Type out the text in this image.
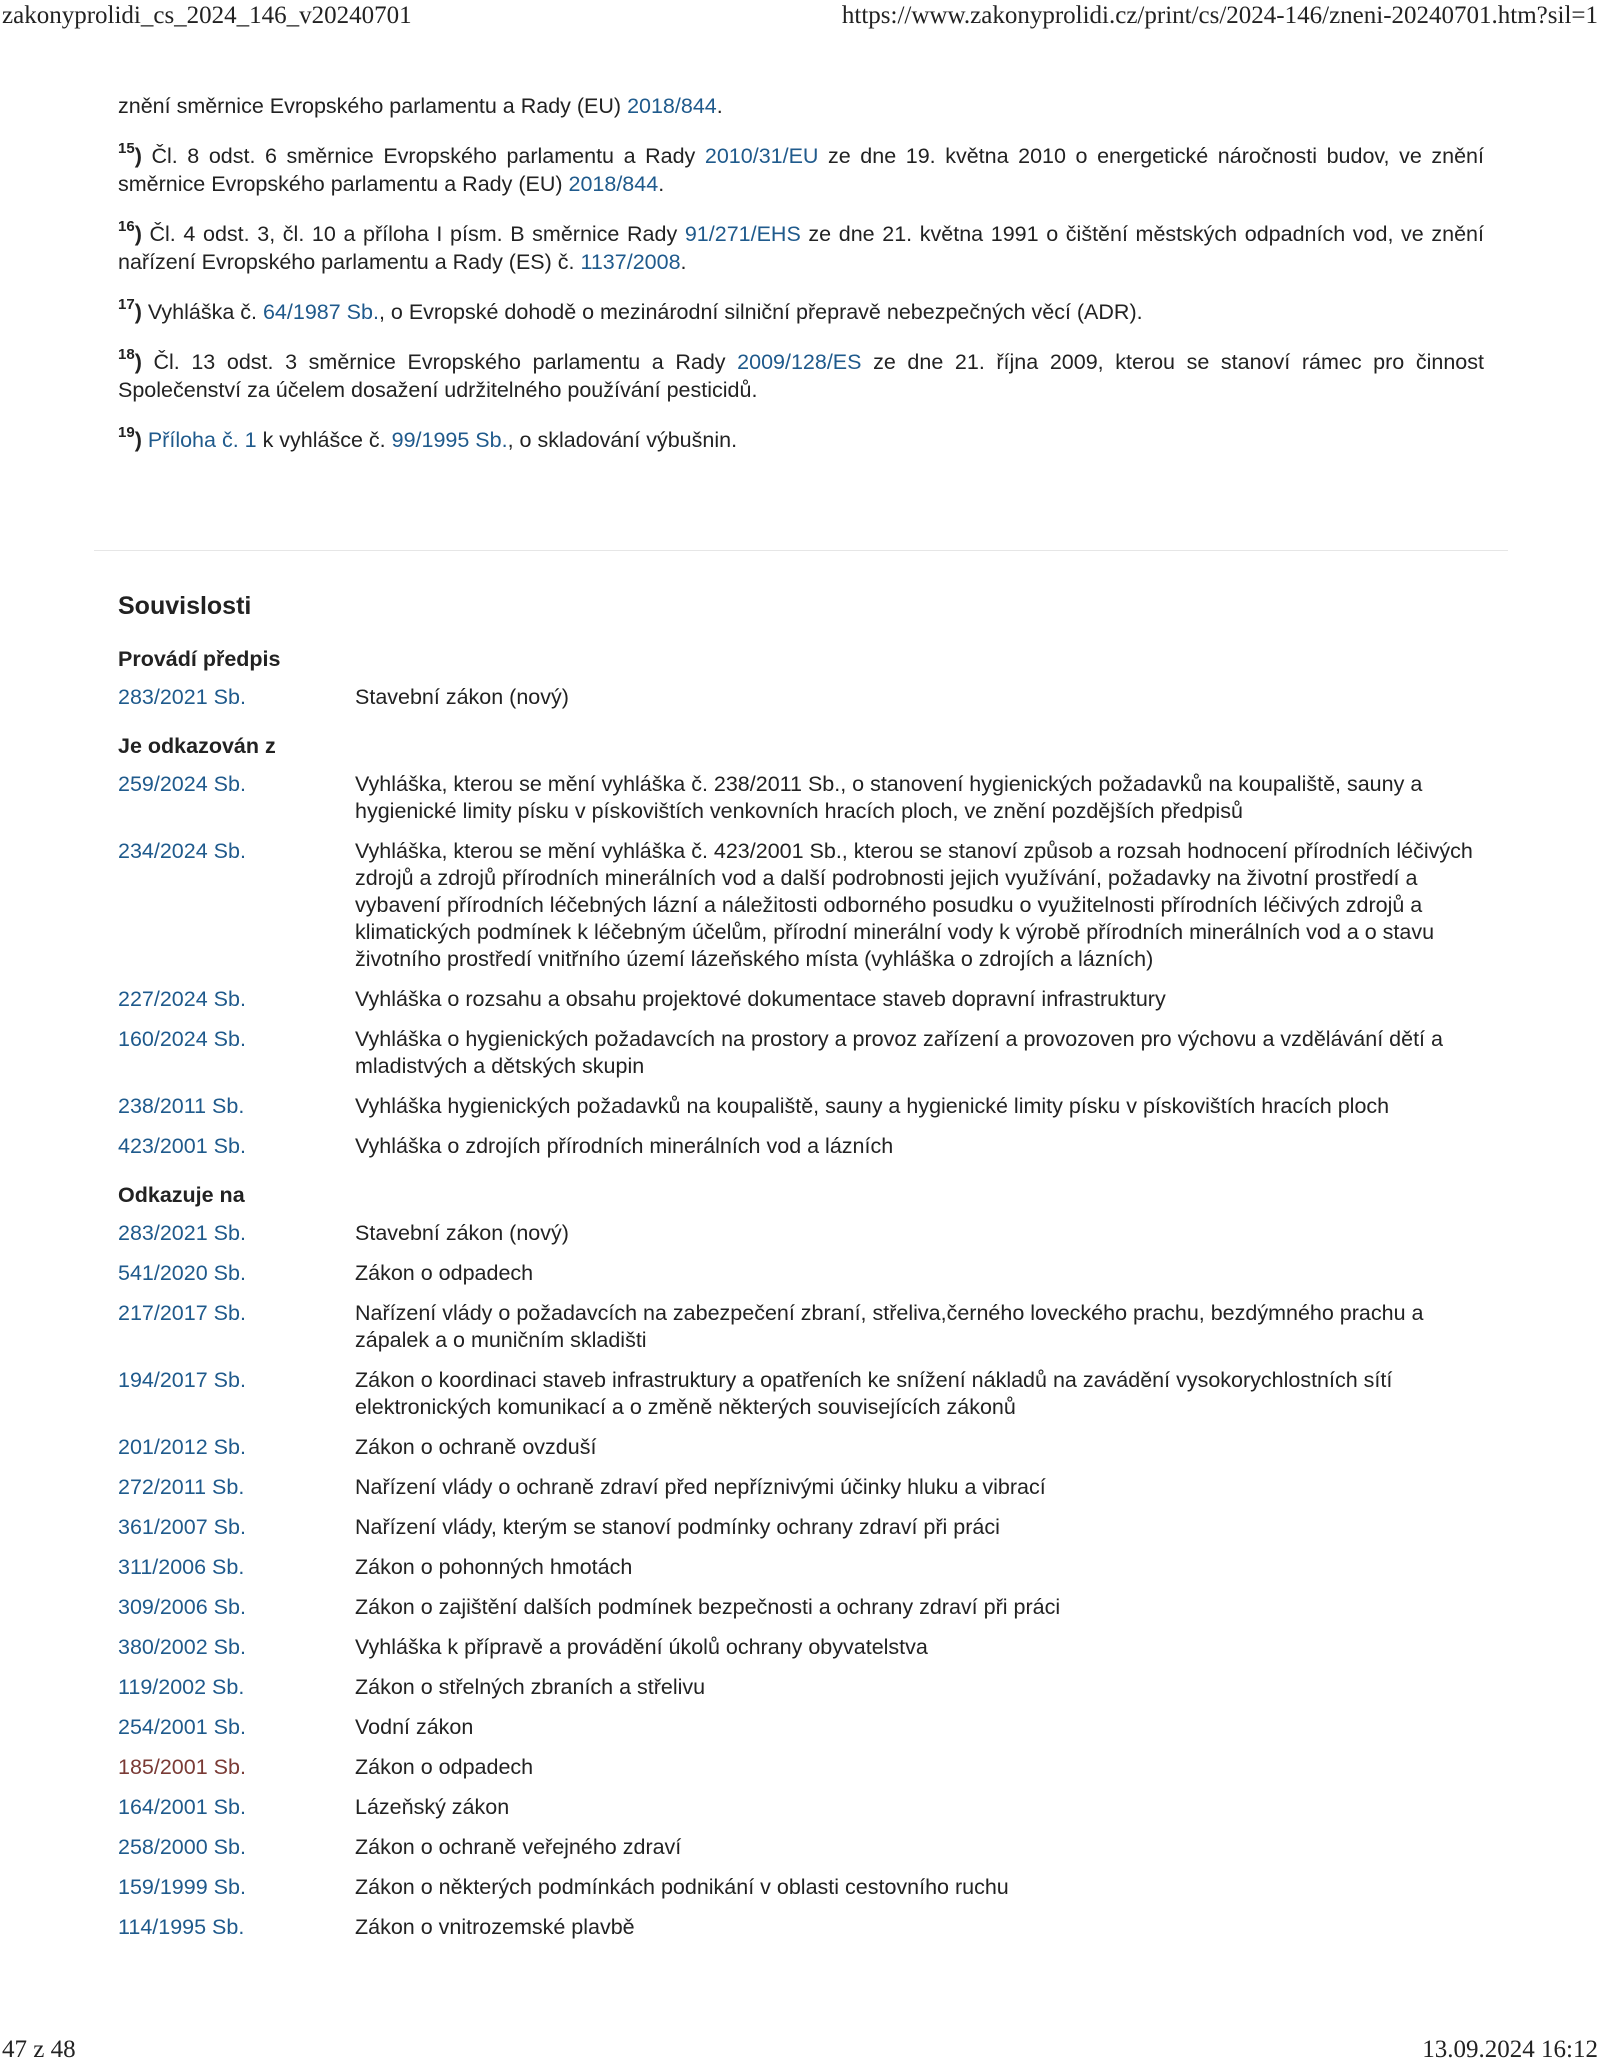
zakonyprolidi_cs_2024_146_v20240701	https://www.zakonyprolidi.cz/print/cs/2024-146/zneni-20240701.htm?sil=1

znění směrnice Evropského parlamentu a Rady (EU) 2018/844.

$^{15}$) Čl. 8 odst. 6 směrnice Evropského parlamentu a Rady 2010/31/EU ze dne 19. května 2010 o energetické náročnosti budov, ve znění směrnice Evropského parlamentu a Rady (EU) 2018/844.

$^{16}$) Čl. 4 odst. 3, čl. 10 a příloha I písm. B směrnice Rady 91/271/EHS ze dne 21. května 1991 o čištění městských odpadních vod, ve znění nařízení Evropského parlamentu a Rady (ES) č. 1137/2008.

$^{17}$) Vyhláška č. 64/1987 Sb., o Evropské dohodě o mezinárodní silniční přepravě nebezpečných věcí (ADR).

$^{18}$) Čl. 13 odst. 3 směrnice Evropského parlamentu a Rady 2009/128/ES ze dne 21. října 2009, kterou se stanoví rámec pro činnost Společenství za účelem dosažení udržitelného používání pesticidů.

$^{19}$) Příloha č. 1 k vyhlášce č. 99/1995 Sb., o skladování výbušnin.

Souvislosti
Provádí předpis
283/2021 Sb.	Stavební zákon (nový)
Je odkazován z
259/2024 Sb.	Vyhláška, kterou se mění vyhláška č. 238/2011 Sb., o stanovení hygienických požadavků na koupaliště, sauny a hygienické limity písku v pískovištích venkovních hracích ploch, ve znění pozdějších předpisů
234/2024 Sb.	Vyhláška, kterou se mění vyhláška č. 423/2001 Sb., kterou se stanoví způsob a rozsah hodnocení přírodních léčivých zdrojů a zdrojů přírodních minerálních vod a další podrobnosti jejich využívání, požadavky na životní prostředí a vybavení přírodních léčebných lázní a náležitosti odborného posudku o využitelnosti přírodních léčivých zdrojů a klimatických podmínek k léčebným účelům, přírodní minerální vody k výrobě přírodních minerálních vod a o stavu životního prostředí vnitřního území lázeňského místa (vyhláška o zdrojích a lázních)
227/2024 Sb.	Vyhláška o rozsahu a obsahu projektové dokumentace staveb dopravní infrastruktury
160/2024 Sb.	Vyhláška o hygienických požadavcích na prostory a provoz zařízení a provozoven pro výchovu a vzdělávání dětí a mladistvých a dětských skupin
238/2011 Sb.	Vyhláška hygienických požadavků na koupaliště, sauny a hygienické limity písku v pískovištích hracích ploch
423/2001 Sb.	Vyhláška o zdrojích přírodních minerálních vod a lázních
Odkazuje na
283/2021 Sb.	Stavební zákon (nový)
541/2020 Sb.	Zákon o odpadech
217/2017 Sb.	Nařízení vlády o požadavcích na zabezpečení zbraní, střeliva,černého loveckého prachu, bezdýmného prachu a zápalek a o muničním skladišti
194/2017 Sb.	Zákon o koordinaci staveb infrastruktury a opatřeních ke snížení nákladů na zavádění vysokorychlostních sítí elektronických komunikací a o změně některých souvisejících zákonů
201/2012 Sb.	Zákon o ochraně ovzduší
272/2011 Sb.	Nařízení vlády o ochraně zdraví před nepříznivými účinky hluku a vibrací
361/2007 Sb.	Nařízení vlády, kterým se stanoví podmínky ochrany zdraví při práci
311/2006 Sb.	Zákon o pohonných hmotách
309/2006 Sb.	Zákon o zajištění dalších podmínek bezpečnosti a ochrany zdraví při práci
380/2002 Sb.	Vyhláška k přípravě a provádění úkolů ochrany obyvatelstva
119/2002 Sb.	Zákon o střelných zbraních a střelivu
254/2001 Sb.	Vodní zákon
185/2001 Sb.	Zákon o odpadech
164/2001 Sb.	Lázeňský zákon
258/2000 Sb.	Zákon o ochraně veřejného zdraví
159/1999 Sb.	Zákon o některých podmínkách podnikání v oblasti cestovního ruchu
114/1995 Sb.	Zákon o vnitrozemské plavbě
47 z 48	13.09.2024 16:12
